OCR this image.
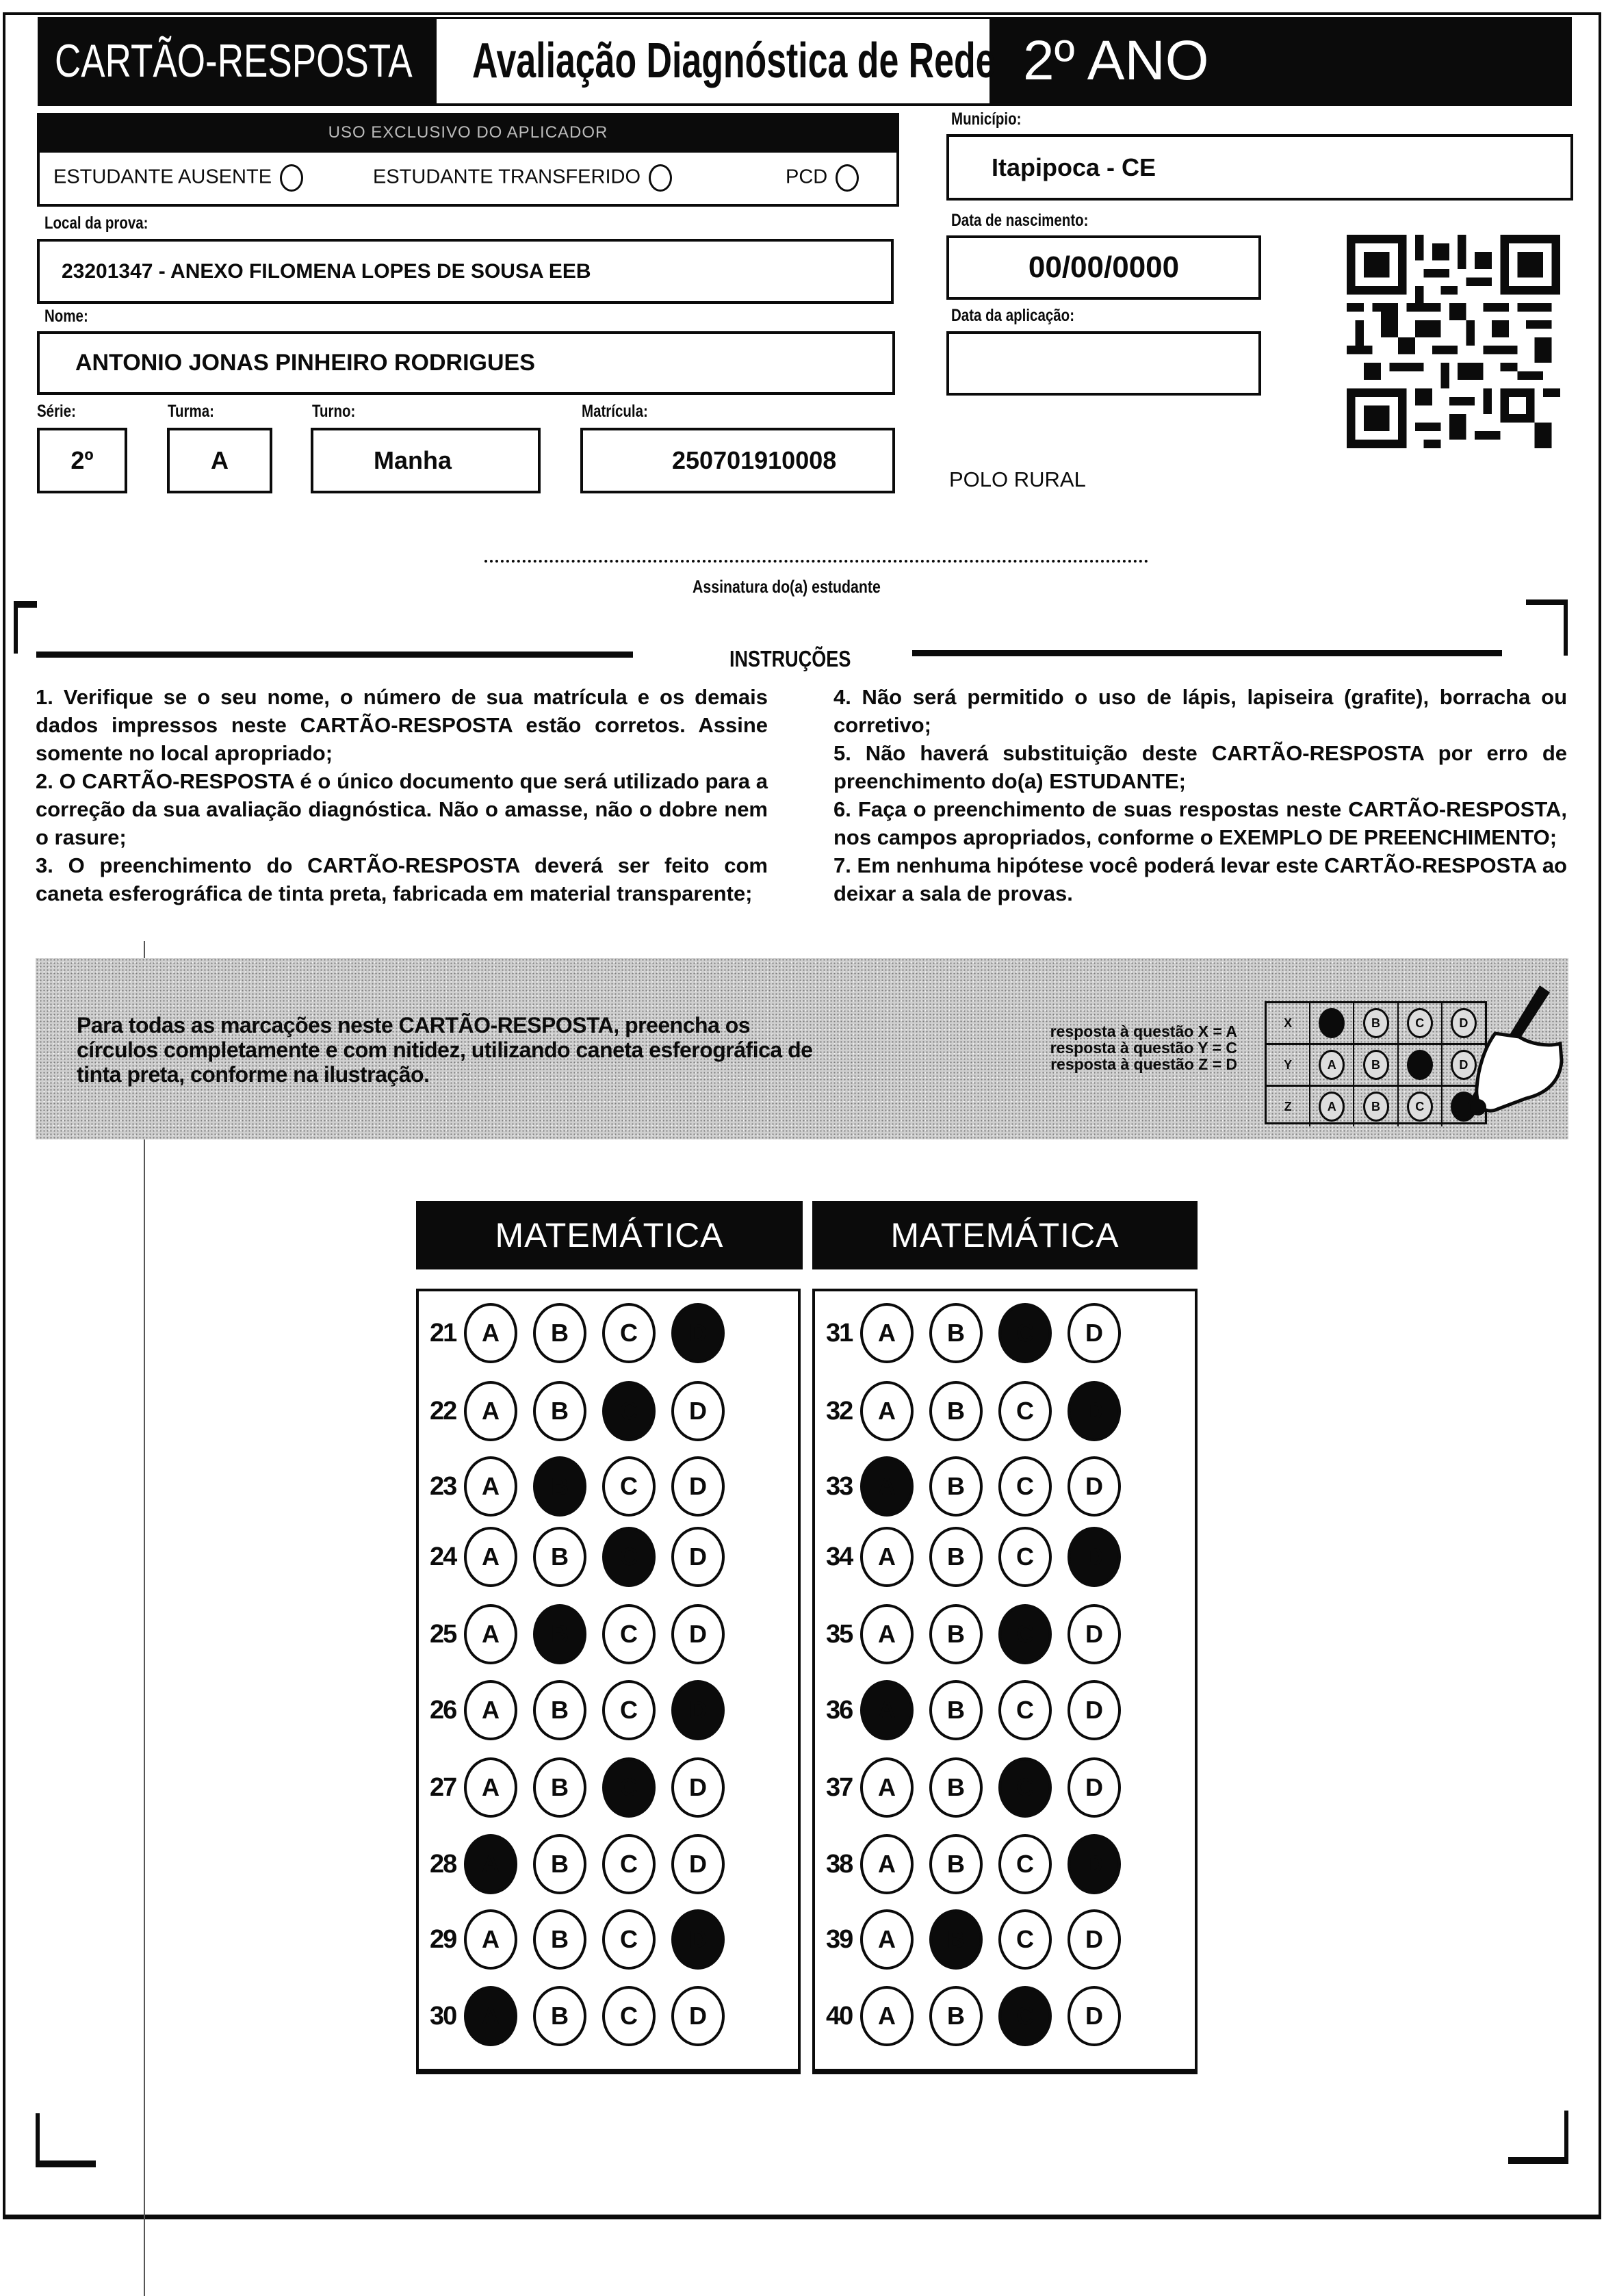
CARTÃO-RESPOSTA Avaliação Diagnóstica de Rede 2º ANO
USO EXCLUSIVO DO APLICADOR
ESTUDANTE AUSENTE	ESTUDANTE TRANSFERIDO	PCD
Local da prova:
23201347 - ANEXO FILOMENA LOPES DE SOUSA EEB
Nome:
ANTONIO JONAS PINHEIRO RODRIGUES
Série:
2º
Turma:
A
Turno:
Manha
Matrícula:
250701910008
Município:
Itapipoca - CE
Data de nascimento:
00/00/0000
Data da aplicação:
POLO RURAL
Assinatura do(a) estudante
INSTRUÇÕES

1. Verifique se o seu nome, o número de sua matrícula e os demais dados impressos neste CARTÃO-RESPOSTA estão corretos. Assine somente no local apropriado;

2. O CARTÃO-RESPOSTA é o único documento que será utilizado para a correção da sua avaliação diagnóstica. Não o amasse, não o dobre nem o rasure;

3. O preenchimento do CARTÃO-RESPOSTA deverá ser feito com caneta esferográfica de tinta preta, fabricada em material transparente;

4. Não será permitido o uso de lápis, lapiseira (grafite), borracha ou corretivo;

5. Não haverá substituição deste CARTÃO-RESPOSTA por erro de preenchimento do(a) ESTUDANTE;

6. Faça o preenchimento de suas respostas neste CARTÃO-RESPOSTA, nos campos apropriados, conforme o EXEMPLO DE PREENCHIMENTO;

7. Em nenhuma hipótese você poderá levar este CARTÃO-RESPOSTA ao deixar a sala de provas.

Para todas as marcações neste CARTÃO-RESPOSTA, preencha os círculos completamente e com nitidez, utilizando caneta esferográfica de tinta preta, conforme na ilustração.
resposta à questão X = A
resposta à questão Y = C
resposta à questão Z = D
X	B	C	D
Y	A	B	D
Z	A	B	C
MATEMÁTICA	MATEMÁTICA
21	A	B	C	D
22	A	B	C	D
23	A	B	C	D
24	A	B	C	D
25	A	B	C	D
26	A	B	C	D
27	A	B	C	D
28	A	B	C	D
29	A	B	C	D
30	A	B	C	D
31	A	B	C	D
32	A	B	C	D
33	A	B	C	D
34	A	B	C	D
35	A	B	C	D
36	A	B	C	D
37	A	B	C	D
38	A	B	C	D
39	A	B	C	D
40	A	B	C	D
